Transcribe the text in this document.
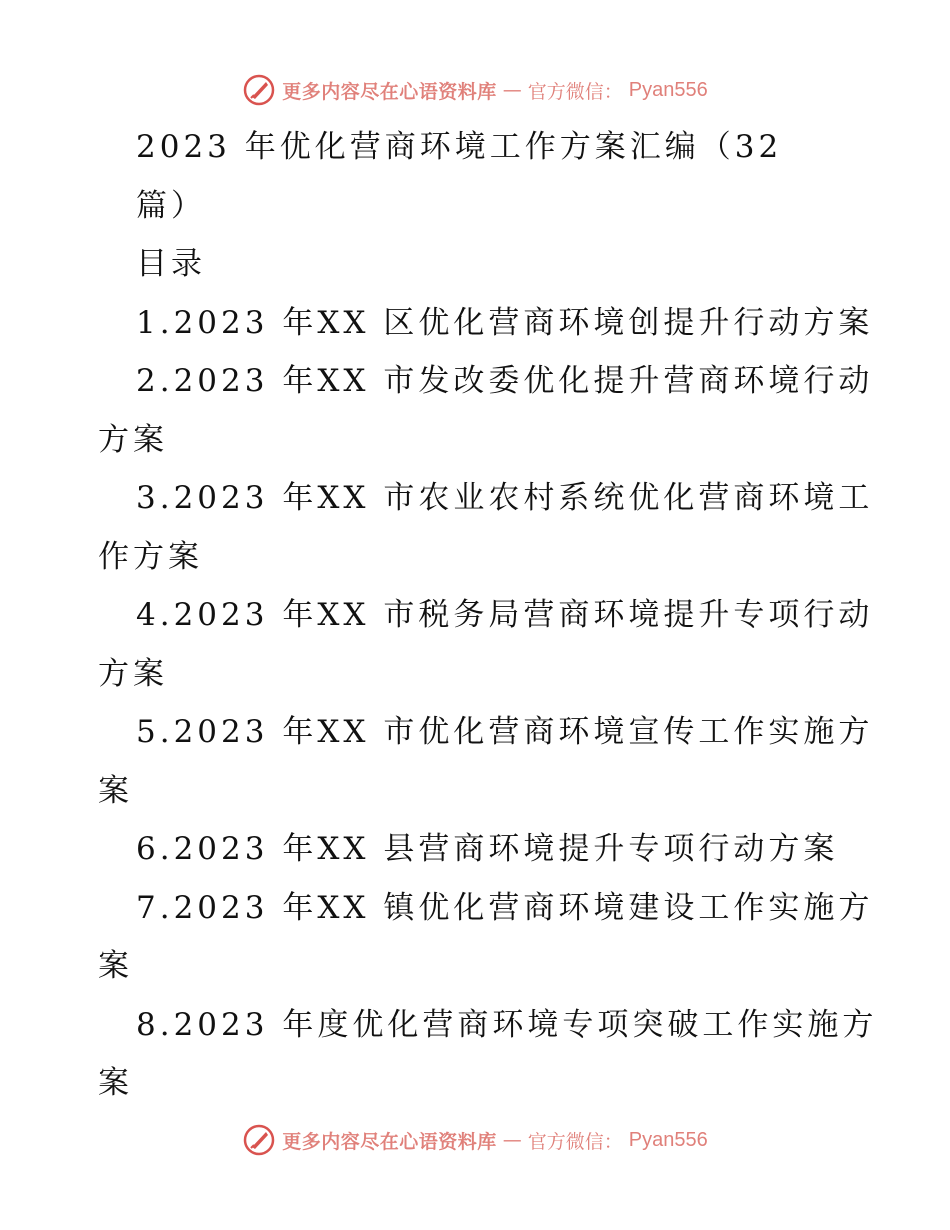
更多内容尽在心语资料库 — 官方微信： Pyan556
2023 年优化营商环境工作方案汇编（32
篇）
目录
1.2023 年XX 区优化营商环境创提升行动方案
2.2023 年XX 市发改委优化提升营商环境行动
方案
3.2023 年XX 市农业农村系统优化营商环境工
作方案
4.2023 年XX 市税务局营商环境提升专项行动
方案
5.2023 年XX 市优化营商环境宣传工作实施方
案
6.2023 年XX 县营商环境提升专项行动方案
7.2023 年XX 镇优化营商环境建设工作实施方
案
8.2023 年度优化营商环境专项突破工作实施方
案
更多内容尽在心语资料库 — 官方微信： Pyan556
